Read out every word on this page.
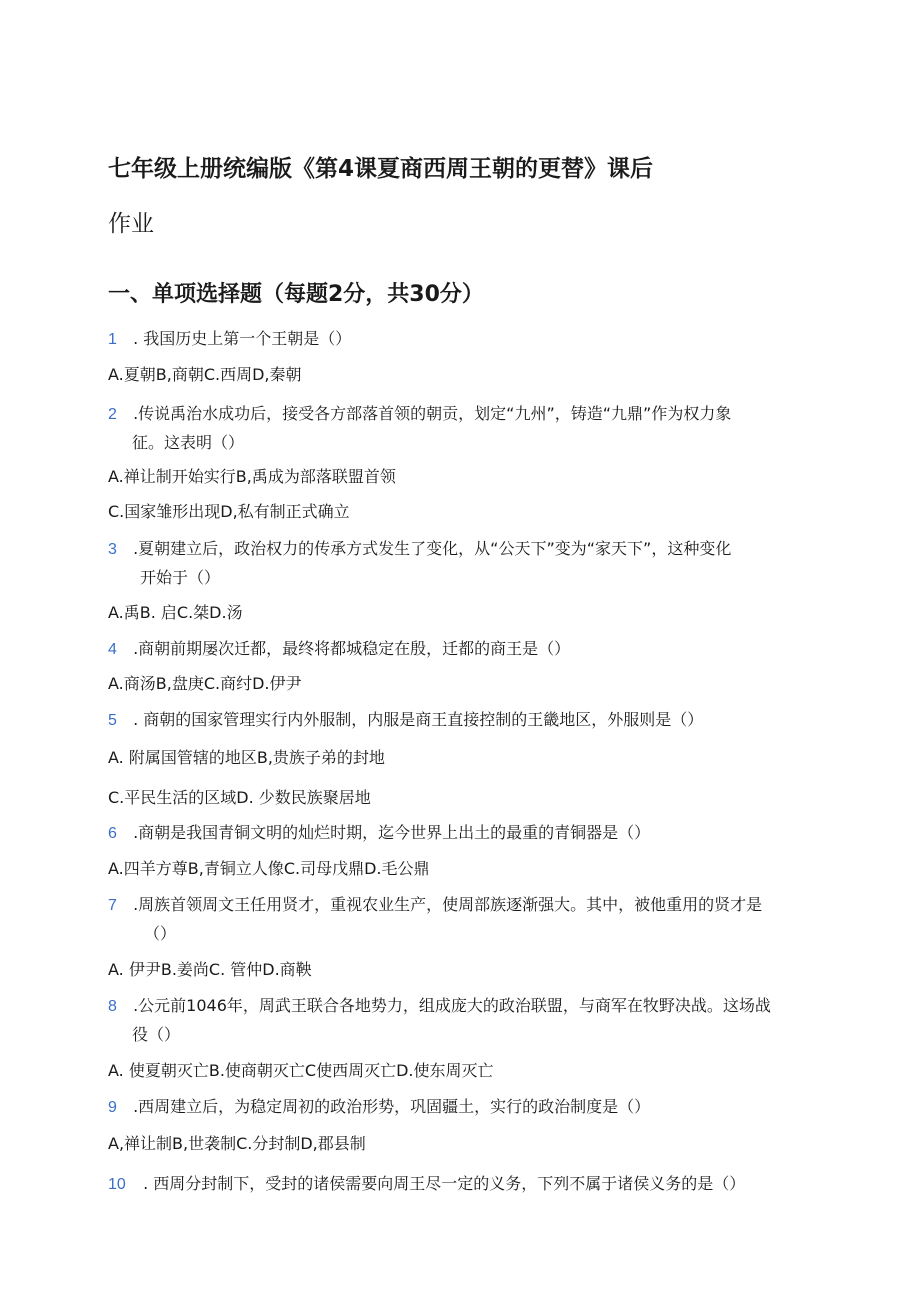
七年级上册统编版《第4课夏商西周王朝的更替》课后
作业
一、单项选择题（每题2分，共30分）
1 . 我国历史上第一个王朝是（）
A.夏朝B,商朝C.西周D,秦朝
2 .传说禹治水成功后，接受各方部落首领的朝贡，划定“九州”，铸造“九鼎”作为权力象
征。这表明（）
A.禅让制开始实行B,禹成为部落联盟首领
C.国家雏形出现D,私有制正式确立
3 .夏朝建立后，政治权力的传承方式发生了变化，从“公天下”变为“家天下”，这种变化
开始于（）
A.禹B. 启C.桀D.汤
4 .商朝前期屡次迁都，最终将都城稳定在殷，迁都的商王是（）
A.商汤B,盘庚C.商纣D.伊尹
5 . 商朝的国家管理实行内外服制，内服是商王直接控制的王畿地区，外服则是（）
A. 附属国管辖的地区B,贵族子弟的封地
C.平民生活的区域D. 少数民族聚居地
6 .商朝是我国青铜文明的灿烂时期，迄今世界上出土的最重的青铜器是（）
A.四羊方尊B,青铜立人像C.司母戊鼎D.毛公鼎
7 .周族首领周文王任用贤才，重视农业生产，使周部族逐渐强大。其中，被他重用的贤才是
（）
A. 伊尹B.姜尚C. 管仲D.商鞅
8 .公元前1046年，周武王联合各地势力，组成庞大的政治联盟，与商军在牧野决战。这场战
役（）
A. 使夏朝灭亡B.使商朝灭亡C使西周灭亡D.使东周灭亡
9 .西周建立后，为稳定周初的政治形势，巩固疆土，实行的政治制度是（）
A,禅让制B,世袭制C.分封制D,郡县制
10 . 西周分封制下，受封的诸侯需要向周王尽一定的义务，下列不属于诸侯义务的是（）
